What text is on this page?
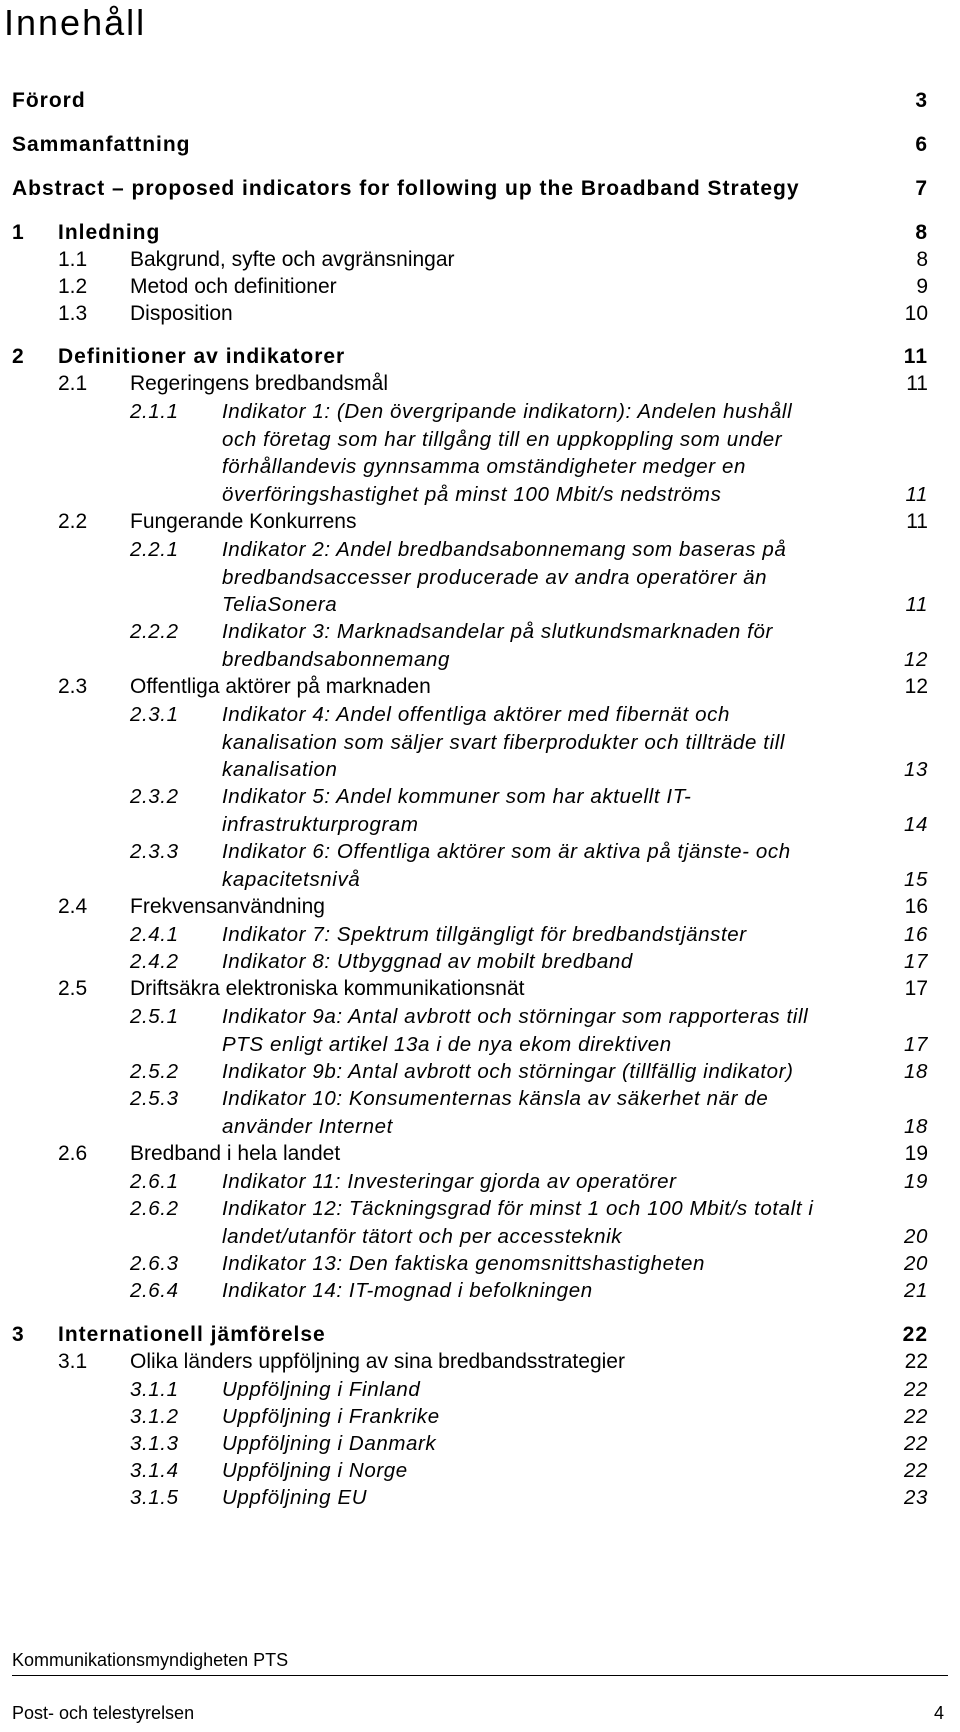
Innehåll
Förord	3
Sammanfattning	6
Abstract – proposed indicators for following up the Broadband Strategy	7
1 Inledning	8
1.1 Bakgrund, syfte och avgränsningar	8
1.2 Metod och definitioner	9
1.3 Disposition	10
2 Definitioner av indikatorer	11
2.1 Regeringens bredbandsmål	11
2.1.1 Indikator 1: (Den övergripande indikatorn): Andelen hushåll
och företag som har tillgång till en uppkoppling som under
förhållandevis gynnsamma omständigheter medger en
överföringshastighet på minst 100 Mbit/s nedströms	11
2.2 Fungerande Konkurrens	11
2.2.1 Indikator 2: Andel bredbandsabonnemang som baseras på
bredbandsaccesser producerade av andra operatörer än
TeliaSonera	11
2.2.2 Indikator 3: Marknadsandelar på slutkundsmarknaden för
bredbandsabonnemang	12
2.3 Offentliga aktörer på marknaden	12
2.3.1 Indikator 4: Andel offentliga aktörer med fibernät och
kanalisation som säljer svart fiberprodukter och tillträde till
kanalisation	13
2.3.2 Indikator 5: Andel kommuner som har aktuellt IT-
infrastrukturprogram	14
2.3.3 Indikator 6: Offentliga aktörer som är aktiva på tjänste- och
kapacitetsnivå	15
2.4 Frekvensanvändning	16
2.4.1 Indikator 7: Spektrum tillgängligt för bredbandstjänster	16
2.4.2 Indikator 8: Utbyggnad av mobilt bredband	17
2.5 Driftsäkra elektroniska kommunikationsnät	17
2.5.1 Indikator 9a: Antal avbrott och störningar som rapporteras till
PTS enligt artikel 13a i de nya ekom direktiven	17
2.5.2 Indikator 9b: Antal avbrott och störningar (tillfällig indikator)	18
2.5.3 Indikator 10: Konsumenternas känsla av säkerhet när de
använder Internet	18
2.6 Bredband i hela landet	19
2.6.1 Indikator 11: Investeringar gjorda av operatörer	19
2.6.2 Indikator 12: Täckningsgrad för minst 1 och 100 Mbit/s totalt i
landet/utanför tätort och per accessteknik	20
2.6.3 Indikator 13: Den faktiska genomsnittshastigheten	20
2.6.4 Indikator 14: IT-mognad i befolkningen	21
3 Internationell jämförelse	22
3.1 Olika länders uppföljning av sina bredbandsstrategier	22
3.1.1 Uppföljning i Finland	22
3.1.2 Uppföljning i Frankrike	22
3.1.3 Uppföljning i Danmark	22
3.1.4 Uppföljning i Norge	22
3.1.5 Uppföljning EU	23
Kommunikationsmyndigheten PTS
Post- och telestyrelsen	4
